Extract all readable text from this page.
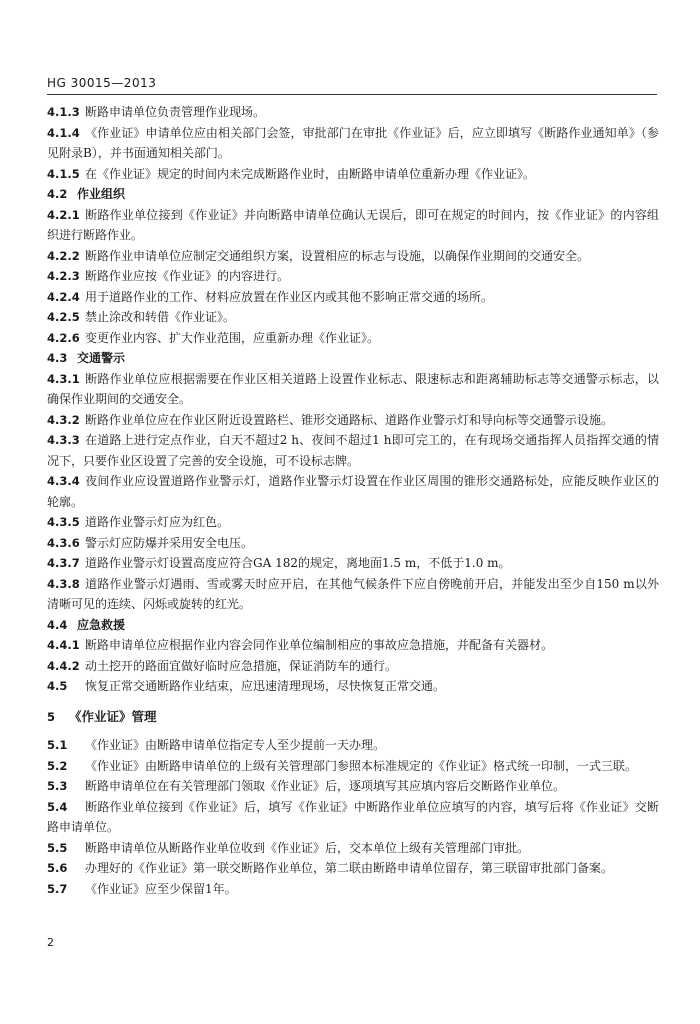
HG 30015—2013

4.1.3 断路申请单位负责管理作业现场。

4.1.4 《作业证》申请单位应由相关部门会签，审批部门在审批《作业证》后，应立即填写《断路作业通知单》（参见附录B），并书面通知相关部门。

4.1.5 在《作业证》规定的时间内未完成断路作业时，由断路申请单位重新办理《作业证》。

4.2 作业组织

4.2.1 断路作业单位接到《作业证》并向断路申请单位确认无误后，即可在规定的时间内，按《作业证》的内容组织进行断路作业。

4.2.2 断路作业申请单位应制定交通组织方案，设置相应的标志与设施，以确保作业期间的交通安全。

4.2.3 断路作业应按《作业证》的内容进行。

4.2.4 用于道路作业的工作、材料应放置在作业区内或其他不影响正常交通的场所。

4.2.5 禁止涂改和转借《作业证》。

4.2.6 变更作业内容、扩大作业范围，应重新办理《作业证》。

4.3 交通警示

4.3.1 断路作业单位应根据需要在作业区相关道路上设置作业标志、限速标志和距离辅助标志等交通警示标志，以确保作业期间的交通安全。

4.3.2 断路作业单位应在作业区附近设置路栏、锥形交通路标、道路作业警示灯和导向标等交通警示设施。

4.3.3 在道路上进行定点作业，白天不超过2 h、夜间不超过1 h即可完工的，在有现场交通指挥人员指挥交通的情况下，只要作业区设置了完善的安全设施，可不设标志牌。

4.3.4 夜间作业应设置道路作业警示灯，道路作业警示灯设置在作业区周围的锥形交通路标处，应能反映作业区的轮廓。

4.3.5 道路作业警示灯应为红色。

4.3.6 警示灯应防爆并采用安全电压。

4.3.7 道路作业警示灯设置高度应符合GA 182的规定，离地面1.5 m，不低于1.0 m。

4.3.8 道路作业警示灯遇雨、雪或雾天时应开启，在其他气候条件下应自傍晚前开启，并能发出至少自150 m以外清晰可见的连续、闪烁或旋转的红光。

4.4 应急救援

4.4.1 断路申请单位应根据作业内容会同作业单位编制相应的事故应急措施，并配备有关器材。

4.4.2 动土挖开的路面宜做好临时应急措施，保证消防车的通行。

4.5 恢复正常交通断路作业结束，应迅速清理现场，尽快恢复正常交通。

5 《作业证》管理

5.1 《作业证》由断路申请单位指定专人至少提前一天办理。

5.2 《作业证》由断路申请单位的上级有关管理部门参照本标准规定的《作业证》格式统一印制，一式三联。

5.3 断路申请单位在有关管理部门领取《作业证》后，逐项填写其应填内容后交断路作业单位。

5.4 断路作业单位接到《作业证》后，填写《作业证》中断路作业单位应填写的内容，填写后将《作业证》交断路申请单位。

5.5 断路申请单位从断路作业单位收到《作业证》后，交本单位上级有关管理部门审批。

5.6 办理好的《作业证》第一联交断路作业单位，第二联由断路申请单位留存，第三联留审批部门备案。

5.7 《作业证》应至少保留1年。

2
